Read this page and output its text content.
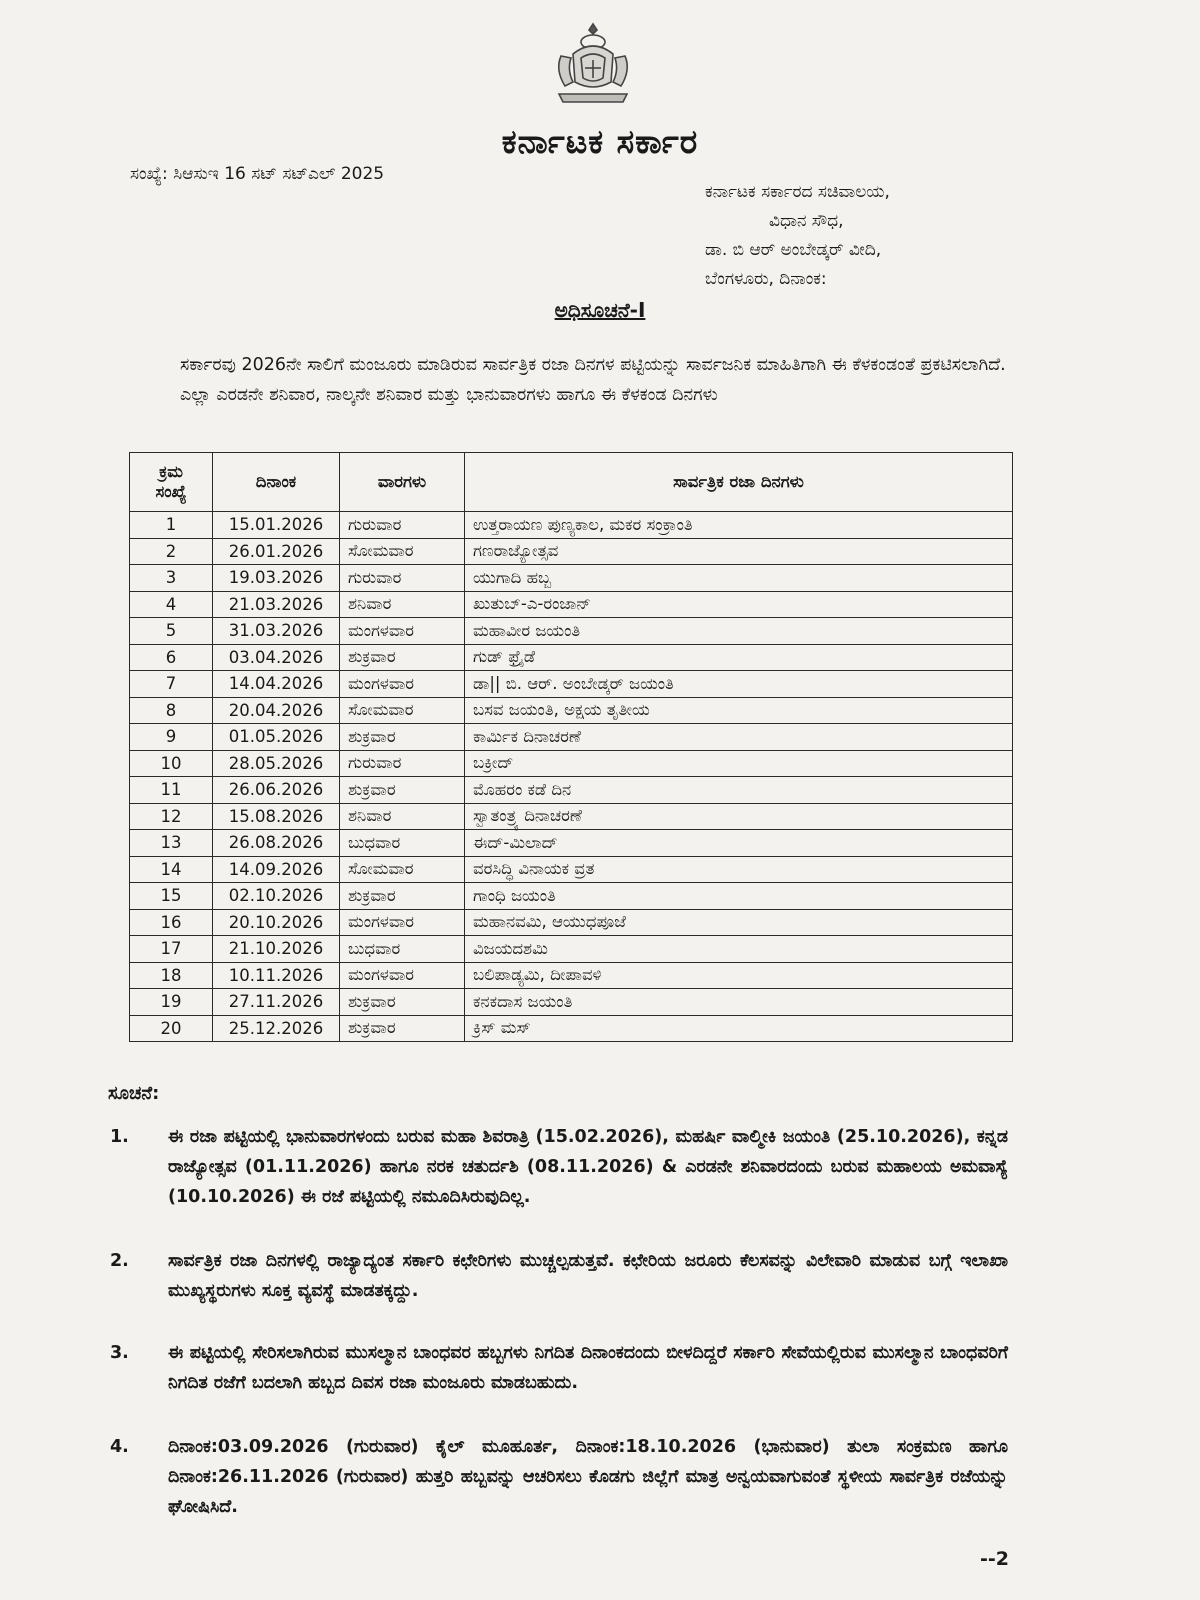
ಕರ್ನಾಟಕ ಸರ್ಕಾರ
ಸಂಖ್ಯೆ: ಸಿಆಸುಇ 16 ಸಟ್‌ ಸಟ್‌ಎಲ್‌ 2025
ಕರ್ನಾಟಕ ಸರ್ಕಾರದ ಸಚಿವಾಲಯ,
ವಿಧಾನ ಸೌಧ,
ಡಾ. ಬಿ ಆರ್ ಅಂಬೇಡ್ಕರ್ ವೀದಿ,
ಬೆಂಗಳೂರು, ದಿನಾಂಕ:
ಅಧಿಸೂಚನೆ-I
ಸರ್ಕಾರವು 2026ನೇ ಸಾಲಿಗೆ ಮಂಜೂರು ಮಾಡಿರುವ ಸಾರ್ವತ್ರಿಕ ರಜಾ ದಿನಗಳ ಪಟ್ಟಿಯನ್ನು ಸಾರ್ವಜನಿಕ ಮಾಹಿತಿಗಾಗಿ ಈ ಕೆಳಕಂಡಂತೆ ಪ್ರಕಟಿಸಲಾಗಿದೆ.
ಎಲ್ಲಾ ಎರಡನೇ ಶನಿವಾರ, ನಾಲ್ಕನೇ ಶನಿವಾರ ಮತ್ತು ಭಾನುವಾರಗಳು ಹಾಗೂ ಈ ಕೆಳಕಂಡ ದಿನಗಳು
ಕ್ರಮ
ಸಂಖ್ಯೆ	ದಿನಾಂಕ	ವಾರಗಳು	ಸಾರ್ವತ್ರಿಕ ರಜಾ ದಿನಗಳು
1	15.01.2026	ಗುರುವಾರ	ಉತ್ತರಾಯಣ ಪುಣ್ಯಕಾಲ, ಮಕರ ಸಂಕ್ರಾಂತಿ
2	26.01.2026	ಸೋಮವಾರ	ಗಣರಾಜ್ಯೋತ್ಸವ
3	19.03.2026	ಗುರುವಾರ	ಯುಗಾದಿ ಹಬ್ಬ
4	21.03.2026	ಶನಿವಾರ	ಖುತುಬ್-ಎ-ರಂಜಾನ್
5	31.03.2026	ಮಂಗಳವಾರ	ಮಹಾವೀರ ಜಯಂತಿ
6	03.04.2026	ಶುಕ್ರವಾರ	ಗುಡ್ ಫ್ರೈಡೆ
7	14.04.2026	ಮಂಗಳವಾರ	ಡಾ|| ಬಿ. ಆರ್. ಅಂಬೇಡ್ಕರ್ ಜಯಂತಿ
8	20.04.2026	ಸೋಮವಾರ	ಬಸವ ಜಯಂತಿ, ಅಕ್ಷಯ ತೃತೀಯ
9	01.05.2026	ಶುಕ್ರವಾರ	ಕಾರ್ಮಿಕ ದಿನಾಚರಣೆ
10	28.05.2026	ಗುರುವಾರ	ಬಕ್ರೀದ್
11	26.06.2026	ಶುಕ್ರವಾರ	ಮೊಹರಂ ಕಡೆ ದಿನ
12	15.08.2026	ಶನಿವಾರ	ಸ್ವಾತಂತ್ರ್ಯ ದಿನಾಚರಣೆ
13	26.08.2026	ಬುಧವಾರ	ಈದ್-ಮಿಲಾದ್
14	14.09.2026	ಸೋಮವಾರ	ವರಸಿದ್ಧಿ ವಿನಾಯಕ ವ್ರತ
15	02.10.2026	ಶುಕ್ರವಾರ	ಗಾಂಧಿ ಜಯಂತಿ
16	20.10.2026	ಮಂಗಳವಾರ	ಮಹಾನವಮಿ, ಆಯುಧಪೂಜೆ
17	21.10.2026	ಬುಧವಾರ	ವಿಜಯದಶಮಿ
18	10.11.2026	ಮಂಗಳವಾರ	ಬಲಿಪಾಡ್ಯಮಿ, ದೀಪಾವಳಿ
19	27.11.2026	ಶುಕ್ರವಾರ	ಕನಕದಾಸ ಜಯಂತಿ
20	25.12.2026	ಶುಕ್ರವಾರ	ಕ್ರಿಸ್ ಮಸ್
ಸೂಚನೆ:
1. ಈ ರಜಾ ಪಟ್ಟಿಯಲ್ಲಿ ಭಾನುವಾರಗಳಂದು ಬರುವ ಮಹಾ ಶಿವರಾತ್ರಿ (15.02.2026), ಮಹರ್ಷಿ ವಾಲ್ಮೀಕಿ ಜಯಂತಿ (25.10.2026), ಕನ್ನಡ ರಾಜ್ಯೋತ್ಸವ (01.11.2026) ಹಾಗೂ ನರಕ ಚತುರ್ದಶಿ (08.11.2026) & ಎರಡನೇ ಶನಿವಾರದಂದು ಬರುವ ಮಹಾಲಯ ಅಮವಾಸ್ಯೆ (10.10.2026) ಈ ರಜೆ ಪಟ್ಟಿಯಲ್ಲಿ ನಮೂದಿಸಿರುವುದಿಲ್ಲ.
2. ಸಾರ್ವತ್ರಿಕ ರಜಾ ದಿನಗಳಲ್ಲಿ ರಾಜ್ಯಾದ್ಯಂತ ಸರ್ಕಾರಿ ಕಛೇರಿಗಳು ಮುಚ್ಚಲ್ಪಡುತ್ತವೆ. ಕಛೇರಿಯ ಜರೂರು ಕೆಲಸವನ್ನು ವಿಲೇವಾರಿ ಮಾಡುವ ಬಗ್ಗೆ ಇಲಾಖಾ ಮುಖ್ಯಸ್ಥರುಗಳು ಸೂಕ್ತ ವ್ಯವಸ್ಥೆ ಮಾಡತಕ್ಕದ್ದು.
3. ಈ ಪಟ್ಟಿಯಲ್ಲಿ ಸೇರಿಸಲಾಗಿರುವ ಮುಸಲ್ಮಾನ ಬಾಂಧವರ ಹಬ್ಬಗಳು ನಿಗದಿತ ದಿನಾಂಕದಂದು ಬೀಳದಿದ್ದರೆ ಸರ್ಕಾರಿ ಸೇವೆಯಲ್ಲಿರುವ ಮುಸಲ್ಮಾನ ಬಾಂಧವರಿಗೆ ನಿಗದಿತ ರಜೆಗೆ ಬದಲಾಗಿ ಹಬ್ಬದ ದಿವಸ ರಜಾ ಮಂಜೂರು ಮಾಡಬಹುದು.
4. ದಿನಾಂಕ:03.09.2026 (ಗುರುವಾರ) ಕೈಲ್ ಮೂಹೂರ್ತ, ದಿನಾಂಕ:18.10.2026 (ಭಾನುವಾರ) ತುಲಾ ಸಂಕ್ರಮಣ ಹಾಗೂ ದಿನಾಂಕ:26.11.2026 (ಗುರುವಾರ) ಹುತ್ತರಿ ಹಬ್ಬವನ್ನು ಆಚರಿಸಲು ಕೊಡಗು ಜಿಲ್ಲೆಗೆ ಮಾತ್ರ ಅನ್ವಯವಾಗುವಂತೆ ಸ್ಥಳೀಯ ಸಾರ್ವತ್ರಿಕ ರಜೆಯನ್ನು ಘೋಷಿಸಿದೆ.
--2
